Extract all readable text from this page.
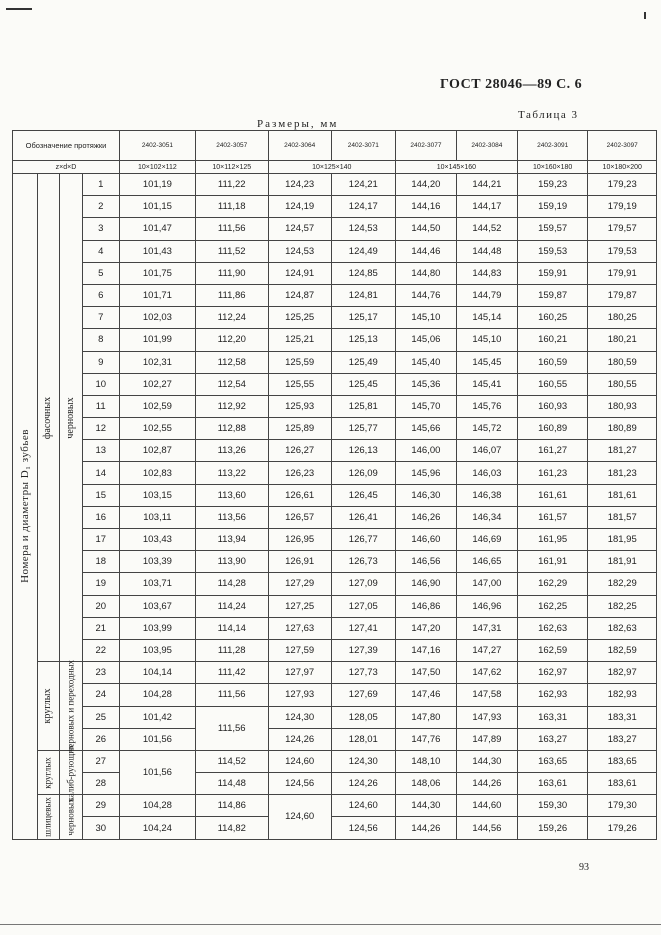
ГОСТ 28046—89 С. 6
Таблица 3
Размеры, мм
Обозначение протяжки				2402-3051	2402-3057	2402-3064	2402-3071	2402-3077	2402-3084	2402-3091	2402-3097
z×d×D				10×102×112	10×112×125	10×125×140		10×145×160		10×160×180	10×180×200

Номера и диаметры D₁ зубьев	фасочных	черновых	1	101,19	111,22	124,23	124,21	144,20	144,21	159,23	179,23
			2	101,15	111,18	124,19	124,17	144,16	144,17	159,19	179,19
			3	101,47	111,56	124,57	124,53	144,50	144,52	159,57	179,57
			4	101,43	111,52	124,53	124,49	144,46	144,48	159,53	179,53
			5	101,75	111,90	124,91	124,85	144,80	144,83	159,91	179,91
			6	101,71	111,86	124,87	124,81	144,76	144,79	159,87	179,87
			7	102,03	112,24	125,25	125,17	145,10	145,14	160,25	180,25
			8	101,99	112,20	125,21	125,13	145,06	145,10	160,21	180,21
			9	102,31	112,58	125,59	125,49	145,40	145,45	160,59	180,59
			10	102,27	112,54	125,55	125,45	145,36	145,41	160,55	180,55
			11	102,59	112,92	125,93	125,81	145,70	145,76	160,93	180,93
			12	102,55	112,88	125,89	125,77	145,66	145,72	160,89	180,89
			13	102,87	113,26	126,27	126,13	146,00	146,07	161,27	181,27
			14	102,83	113,22	126,23	126,09	145,96	146,03	161,23	181,23
			15	103,15	113,60	126,61	126,45	146,30	146,38	161,61	181,61
			16	103,11	113,56	126,57	126,41	146,26	146,34	161,57	181,57
			17	103,43	113,94	126,95	126,77	146,60	146,69	161,95	181,95
			18	103,39	113,90	126,91	126,73	146,56	146,65	161,91	181,91
			19	103,71	114,28	127,29	127,09	146,90	147,00	162,29	182,29
			20	103,67	114,24	127,25	127,05	146,86	146,96	162,25	182,25
			21	103,99	114,14	127,63	127,41	147,20	147,31	162,63	182,63
			22	103,95	111,28	127,59	127,39	147,16	147,27	162,59	182,59

	круглых	черновых и переходных	23	104,14	111,42	127,97	127,73	147,50	147,62	162,97	182,97
			24	104,28	111,56	127,93	127,69	147,46	147,58	162,93	182,93
			25	101,42	111,56	124,30	128,05	147,80	147,93	163,31	183,31
			26	101,56		124,26	128,01	147,76	147,89	163,27	183,27

	круглых	калиб-рующих	27	101,56	114,52	124,60	124,30	148,10	144,30	163,65	183,65
			28		114,48	124,56	124,26	148,06	144,26	163,61	183,61

	шлицевых	черновых	29	104,28	114,86	124,60	124,60	144,30	144,60	159,30	179,30
			30	104,24	114,82		124,56	144,26	144,56	159,26	179,26
93
